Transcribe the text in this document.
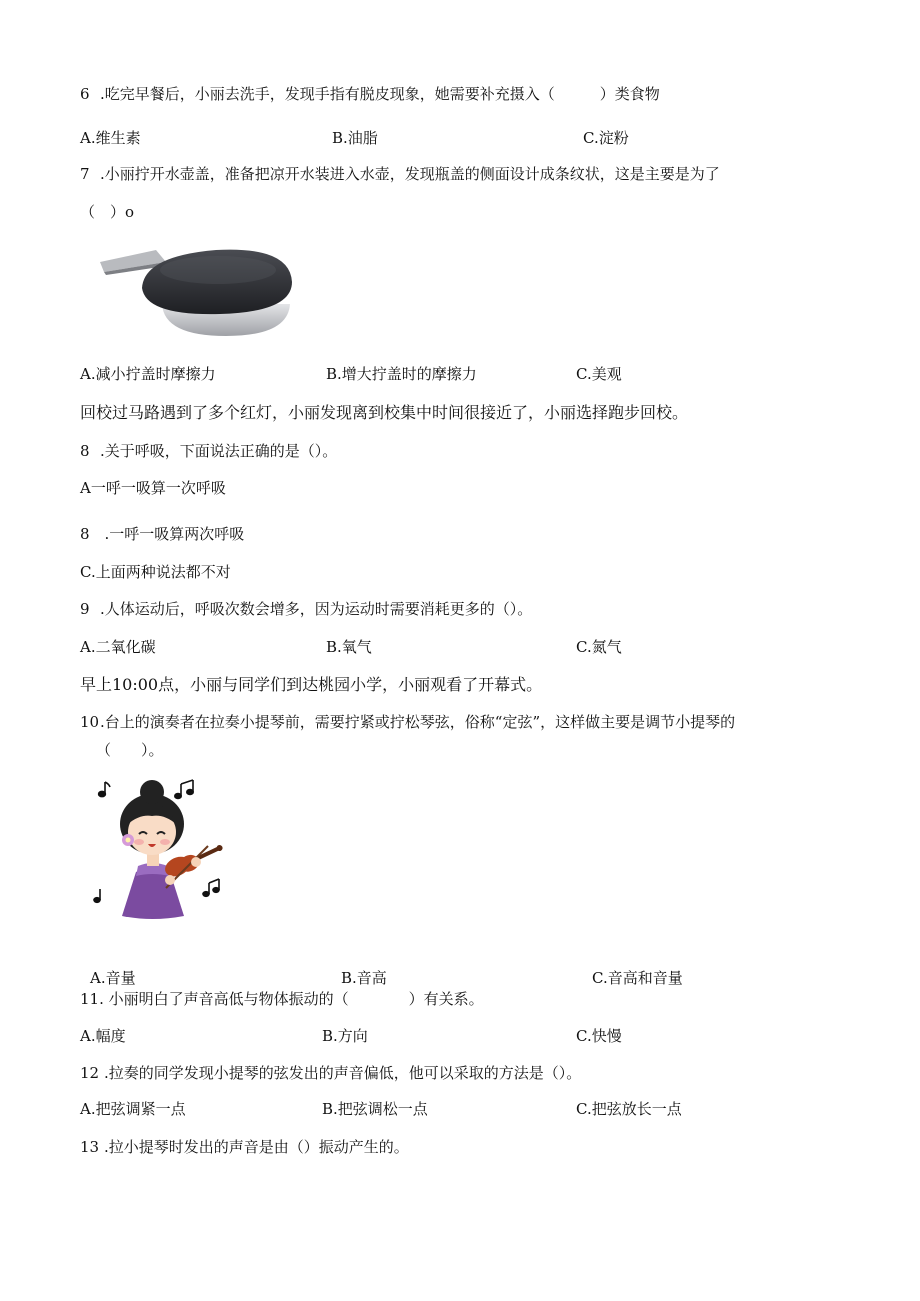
6 .吃完早餐后，小丽去洗手，发现手指有脱皮现象，她需要补充摄入（　　　）类食物
A.维生素	B.油脂	C.淀粉
7 .小丽拧开水壶盖，准备把凉开水装进入水壶，发现瓶盖的侧面设计成条纹状，这是主要是为了
（　）o
A.减小拧盖时摩擦力	B.增大拧盖时的摩擦力	C.美观
回校过马路遇到了多个红灯，小丽发现离到校集中时间很接近了，小丽选择跑步回校。
8 .关于呼吸，下面说法正确的是（）。
A一呼一吸算一次呼吸
8　.一呼一吸算两次呼吸
C.上面两种说法都不对
9 .人体运动后，呼吸次数会增多，因为运动时需要消耗更多的（）。
A.二氧化碳	B.氧气	C.氮气
早上10:00点，小丽与同学们到达桃园小学，小丽观看了开幕式。
10.台上的演奏者在拉奏小提琴前，需要拧紧或拧松琴弦，俗称“定弦”，这样做主要是调节小提琴的
（　　）。
A.音量	B.音高	C.音高和音量
11. 小丽明白了声音高低与物体振动的（　　　　）有关系。
A.幅度	B.方向	C.快慢
12 .拉奏的同学发现小提琴的弦发出的声音偏低，他可以采取的方法是（）。
A.把弦调紧一点	B.把弦调松一点	C.把弦放长一点
13 .拉小提琴时发出的声音是由（）振动产生的。
